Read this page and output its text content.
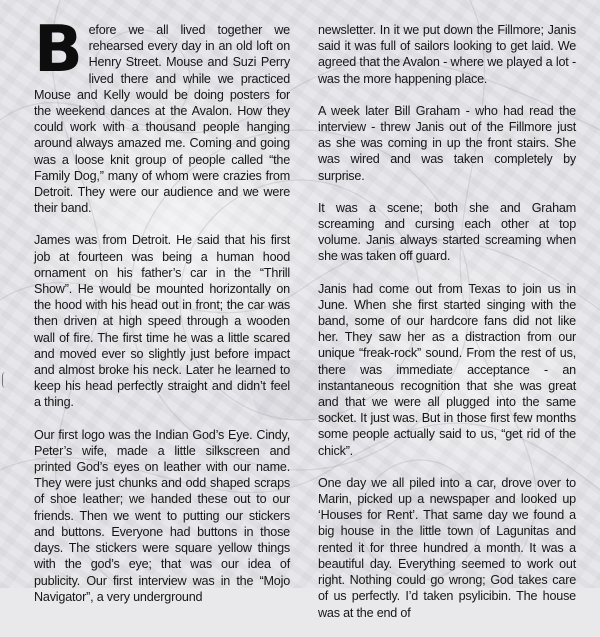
Before we all lived together we rehearsed every day in an old loft on Henry Street. Mouse and Suzi Perry lived there and while we practiced Mouse and Kelly would be doing posters for the weekend dances at the Avalon. How they could work with a thousand people hanging around always amazed me. Coming and going was a loose knit group of people called “the Family Dog,” many of whom were crazies from Detroit. They were our audience and we were their band.

James was from Detroit. He said that his first job at fourteen was being a human hood ornament on his father’s car in the “Thrill Show”. He would be mounted horizontally on the hood with his head out in front; the car was then driven at high speed through a wooden wall of fire. The first time he was a little scared and moved ever so slightly just before impact and almost broke his neck. Later he learned to keep his head perfectly straight and didn’t feel a thing.

Our first logo was the Indian God’s Eye. Cindy, Peter’s wife, made a little silkscreen and printed God’s eyes on leather with our name. They were just chunks and odd shaped scraps of shoe leather; we handed these out to our friends. Then we went to putting our stickers and buttons. Everyone had buttons in those days. The stickers were square yellow things with the god’s eye; that was our idea of publicity. Our first interview was in the “Mojo Navigator”, a very underground

newsletter. In it we put down the Fillmore; Janis said it was full of sailors looking to get laid. We agreed that the Avalon - where we played a lot - was the more happening place.

A week later Bill Graham - who had read the interview - threw Janis out of the Fillmore just as she was coming in up the front stairs. She was wired and was taken completely by surprise.

It was a scene; both she and Graham screaming and cursing each other at top volume. Janis always started screaming when she was taken off guard.

Janis had come out from Texas to join us in June. When she first started singing with the band, some of our hardcore fans did not like her. They saw her as a distraction from our unique “freak-rock” sound. From the rest of us, there was immediate acceptance - an instantaneous recognition that she was great and that we were all plugged into the same socket. It just was. But in those first few months some people actually said to us, “get rid of the chick”.

One day we all piled into a car, drove over to Marin, picked up a newspaper and looked up ‘Houses for Rent’. That same day we found a big house in the little town of Lagunitas and rented it for three hundred a month. It was a beautiful day. Everything seemed to work out right. Nothing could go wrong; God takes care of us perfectly. I’d taken psylicibin. The house was at the end of
